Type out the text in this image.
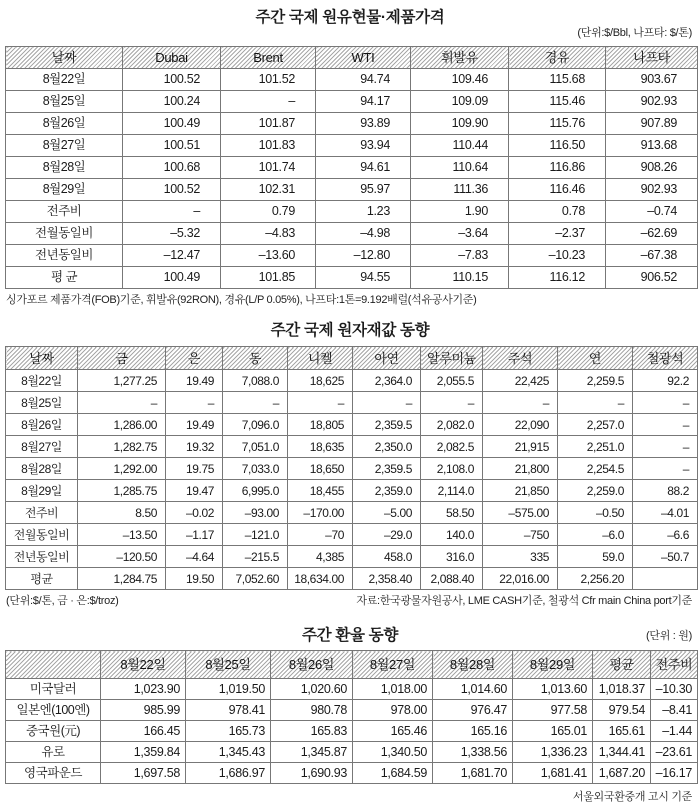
주간 국제 원유현물·제품가격
(단위:$/Bbl, 나프타: $/톤)
날짜	Dubai	Brent	WTI	휘발유	경유	나프타
8월22일	100.52	101.52	94.74	109.46	115.68	903.67
8월25일	100.24	–	94.17	109.09	115.46	902.93
8월26일	100.49	101.87	93.89	109.90	115.76	907.89
8월27일	100.51	101.83	93.94	110.44	116.50	913.68
8월28일	100.68	101.74	94.61	110.64	116.86	908.26
8월29일	100.52	102.31	95.97	111.36	116.46	902.93
전주비	–	0.79	1.23	1.90	0.78	–0.74
전월동일비	–5.32	–4.83	–4.98	–3.64	–2.37	–62.69
전년동일비	–12.47	–13.60	–12.80	–7.83	–10.23	–67.38
평 균	100.49	101.85	94.55	110.15	116.12	906.52
싱가포르 제품가격(FOB)기준, 휘발유(92RON), 경유(L/P 0.05%), 나프타:1톤=9.192배럴(석유공사기준)
주간 국제 원자재값 동향
날짜	금	은	동	니켈	아연	알루미늄	주석	연	철광석
8월22일	1,277.25	19.49	7,088.0	18,625	2,364.0	2,055.5	22,425	2,259.5	92.2
8월25일	–	–	–	–	–	–	–	–	–
8월26일	1,286.00	19.49	7,096.0	18,805	2,359.5	2,082.0	22,090	2,257.0	–
8월27일	1,282.75	19.32	7,051.0	18,635	2,350.0	2,082.5	21,915	2,251.0	–
8월28일	1,292.00	19.75	7,033.0	18,650	2,359.5	2,108.0	21,800	2,254.5	–
8월29일	1,285.75	19.47	6,995.0	18,455	2,359.0	2,114.0	21,850	2,259.0	88.2
전주비	8.50	–0.02	–93.00	–170.00	–5.00	58.50	–575.00	–0.50	–4.01
전월동일비	–13.50	–1.17	–121.0	–70	–29.0	140.0	–750	–6.0	–6.6
전년동일비	–120.50	–4.64	–215.5	4,385	458.0	316.0	335	59.0	–50.7
평균	1,284.75	19.50	7,052.60	18,634.00	2,358.40	2,088.40	22,016.00	2,256.20	
(단위:$/톤, 금 · 은:$/troz)	자료:한국광물자원공사, LME CASH기준, 철광석 Cfr main China port기준
주간 환율 동향	(단위 : 원)
	8월22일	8월25일	8월26일	8월27일	8월28일	8월29일	평균	전주비
미국달러	1,023.90	1,019.50	1,020.60	1,018.00	1,014.60	1,013.60	1,018.37	–10.30
일본엔(100엔)	985.99	978.41	980.78	978.00	976.47	977.58	979.54	–8.41
중국원(元)	166.45	165.73	165.83	165.46	165.16	165.01	165.61	–1.44
유로	1,359.84	1,345.43	1,345.87	1,340.50	1,338.56	1,336.23	1,344.41	–23.61
영국파운드	1,697.58	1,686.97	1,690.93	1,684.59	1,681.70	1,681.41	1,687.20	–16.17
서울외국환중개 고시 기준
